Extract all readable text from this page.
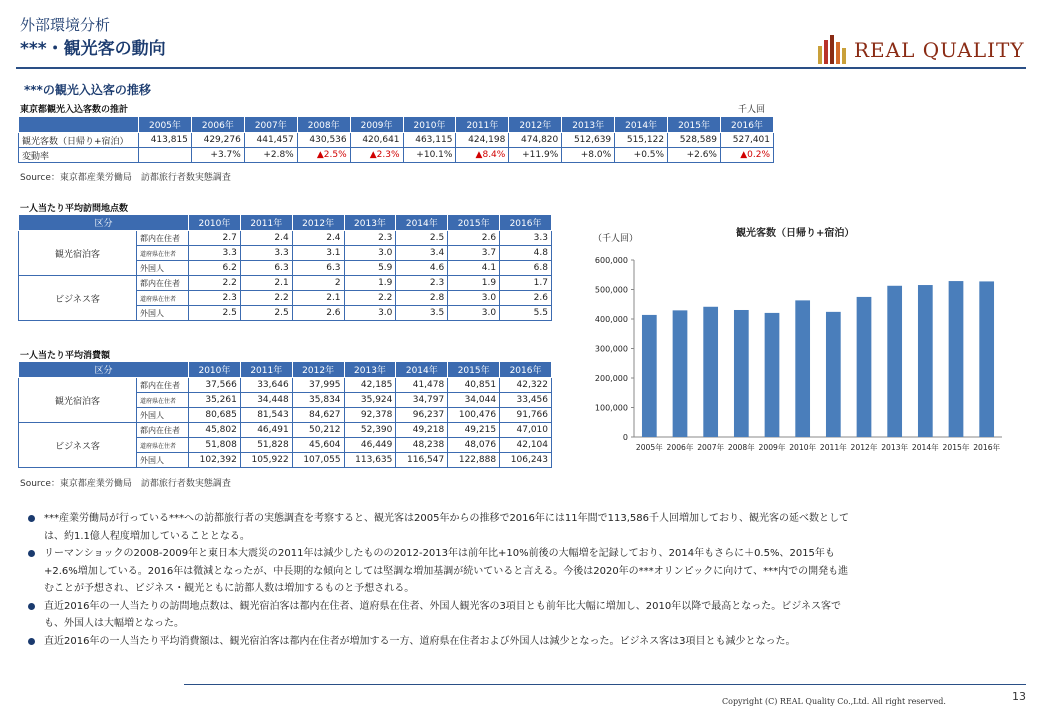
外部環境分析
***・観光客の動向	REAL QUALITY
***の観光入込客の推移
東京都観光入込客数の推計	千人回
	2005年	2006年	2007年	2008年	2009年	2010年	2011年	2012年	2013年	2014年	2015年	2016年
観光客数（日帰り+宿泊）	413,815	429,276	441,457	430,536	420,641	463,115	424,198	474,820	512,639	515,122	528,589	527,401
変動率		+3.7%	+2.8%	▲2.5%	▲2.3%	+10.1%	▲8.4%	+11.9%	+8.0%	+0.5%	+2.6%	▲0.2%
Source：東京都産業労働局　訪都旅行者数実態調査
一人当たり平均訪問地点数
区分		2010年	2011年	2012年	2013年	2014年	2015年	2016年
観光宿泊客	都内在住者	2.7	2.4	2.4	2.3	2.5	2.6	3.3
	道府県在住者	3.3	3.3	3.1	3.0	3.4	3.7	4.8
	外国人	6.2	6.3	6.3	5.9	4.6	4.1	6.8
ビジネス客	都内在住者	2.2	2.1	2	1.9	2.3	1.9	1.7
	道府県在住者	2.3	2.2	2.1	2.2	2.8	3.0	2.6
	外国人	2.5	2.5	2.6	3.0	3.5	3.0	5.5
一人当たり平均消費額
区分		2010年	2011年	2012年	2013年	2014年	2015年	2016年
観光宿泊客	都内在住者	37,566	33,646	37,995	42,185	41,478	40,851	42,322
	道府県在住者	35,261	34,448	35,834	35,924	34,797	34,044	33,456
	外国人	80,685	81,543	84,627	92,378	96,237	100,476	91,766
ビジネス客	都内在住者	45,802	46,491	50,212	52,390	49,218	49,215	47,010
	道府県在住者	51,808	51,828	45,604	46,449	48,238	48,076	42,104
	外国人	102,392	105,922	107,055	113,635	116,547	122,888	106,243
Source：東京都産業労働局　訪都旅行者数実態調査
観光客数（日帰り+宿泊）
（千人回）
0
100,000
200,000
300,000
400,000
500,000
600,000
2005年 2006年 2007年 2008年 2009年 2010年 2011年 2012年 2013年 2014年 2015年 2016年
***産業労働局が行っている***への訪都旅行者の実態調査を考察すると、観光客は2005年からの推移で2016年には11年間で113,586千人回増加しており、観光客の延べ数としては、約1.1億人程度増加していることとなる。
リーマンショックの2008-2009年と東日本大震災の2011年は減少したものの2012-2013年は前年比+10%前後の大幅増を記録しており、2014年もさらに＋0.5%、2015年も+2.6%増加している。2016年は微減となったが、中長期的な傾向としては堅調な増加基調が続いていると言える。今後は2020年の***オリンピックに向けて、***内での開発も進むことが予想され、ビジネス・観光ともに訪都人数は増加するものと予想される。
直近2016年の一人当たりの訪問地点数は、観光宿泊客は都内在住者、道府県在住者、外国人観光客の3項目とも前年比大幅に増加し、2010年以降で最高となった。ビジネス客でも、外国人は大幅増となった。
直近2016年の一人当たり平均消費額は、観光宿泊客は都内在住者が増加する一方、道府県在住者および外国人は減少となった。ビジネス客は3項目とも減少となった。
Copyright (C) REAL Quality Co.,Ltd. All right reserved.	13
